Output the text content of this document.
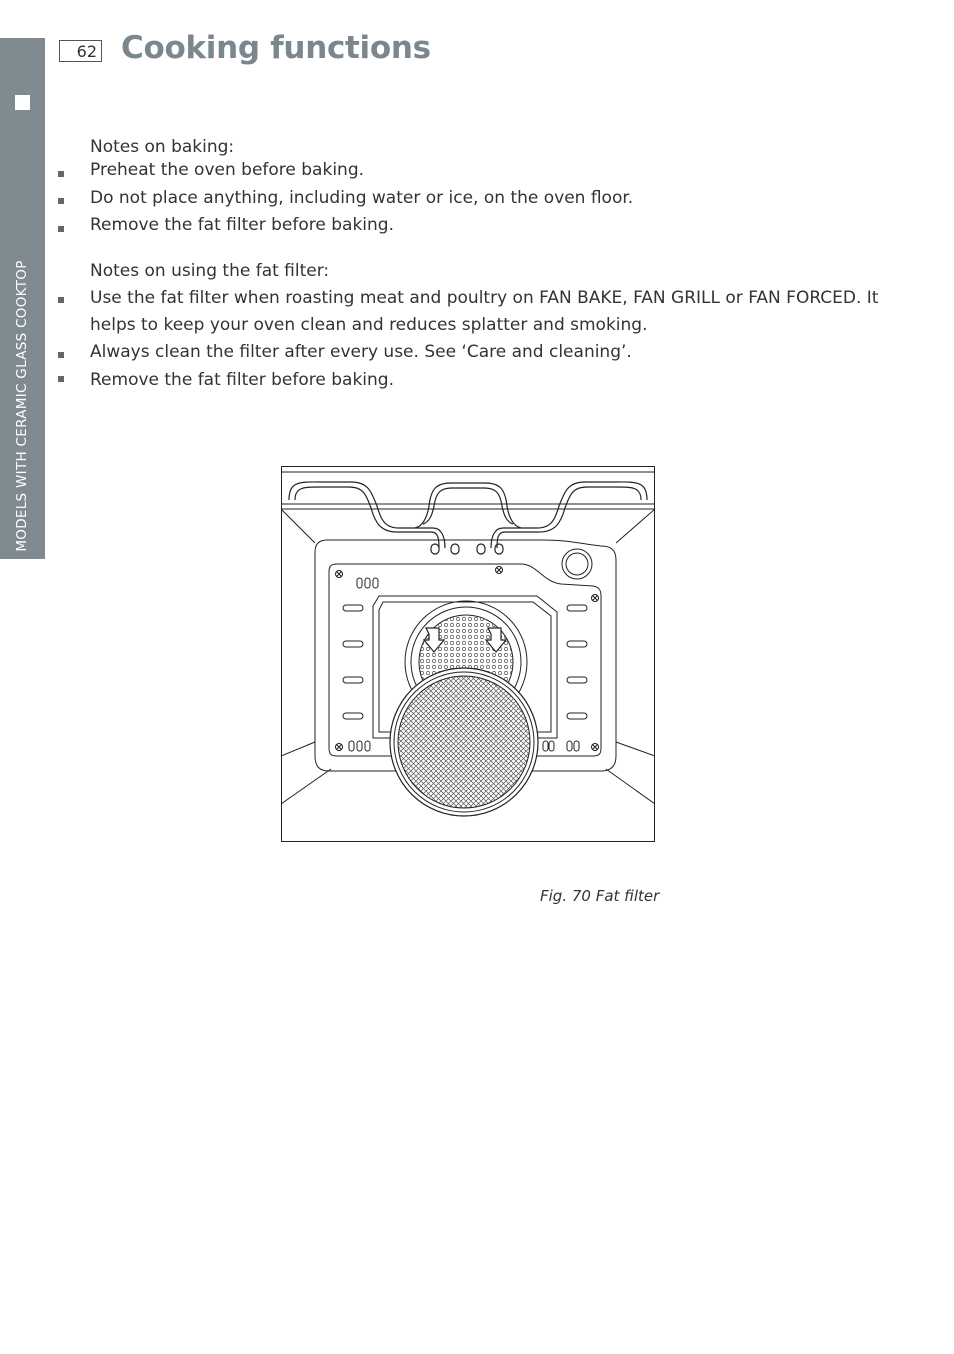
MODELS WITH CERAMIC GLASS COOKTOP
62 Cooking functions

Notes on baking:

Preheat the oven before baking.

Do not place anything, including water or ice, on the oven floor.

Remove the fat filter before baking.

Notes on using the fat filter:

Use the fat filter when roasting meat and poultry on FAN BAKE, FAN GRILL or FAN FORCED. It helps to keep your oven clean and reduces splatter and smoking.

Always clean the filter after every use. See ‘Care and cleaning’.

Remove the fat filter before baking.

Fig. 70 Fat filter
